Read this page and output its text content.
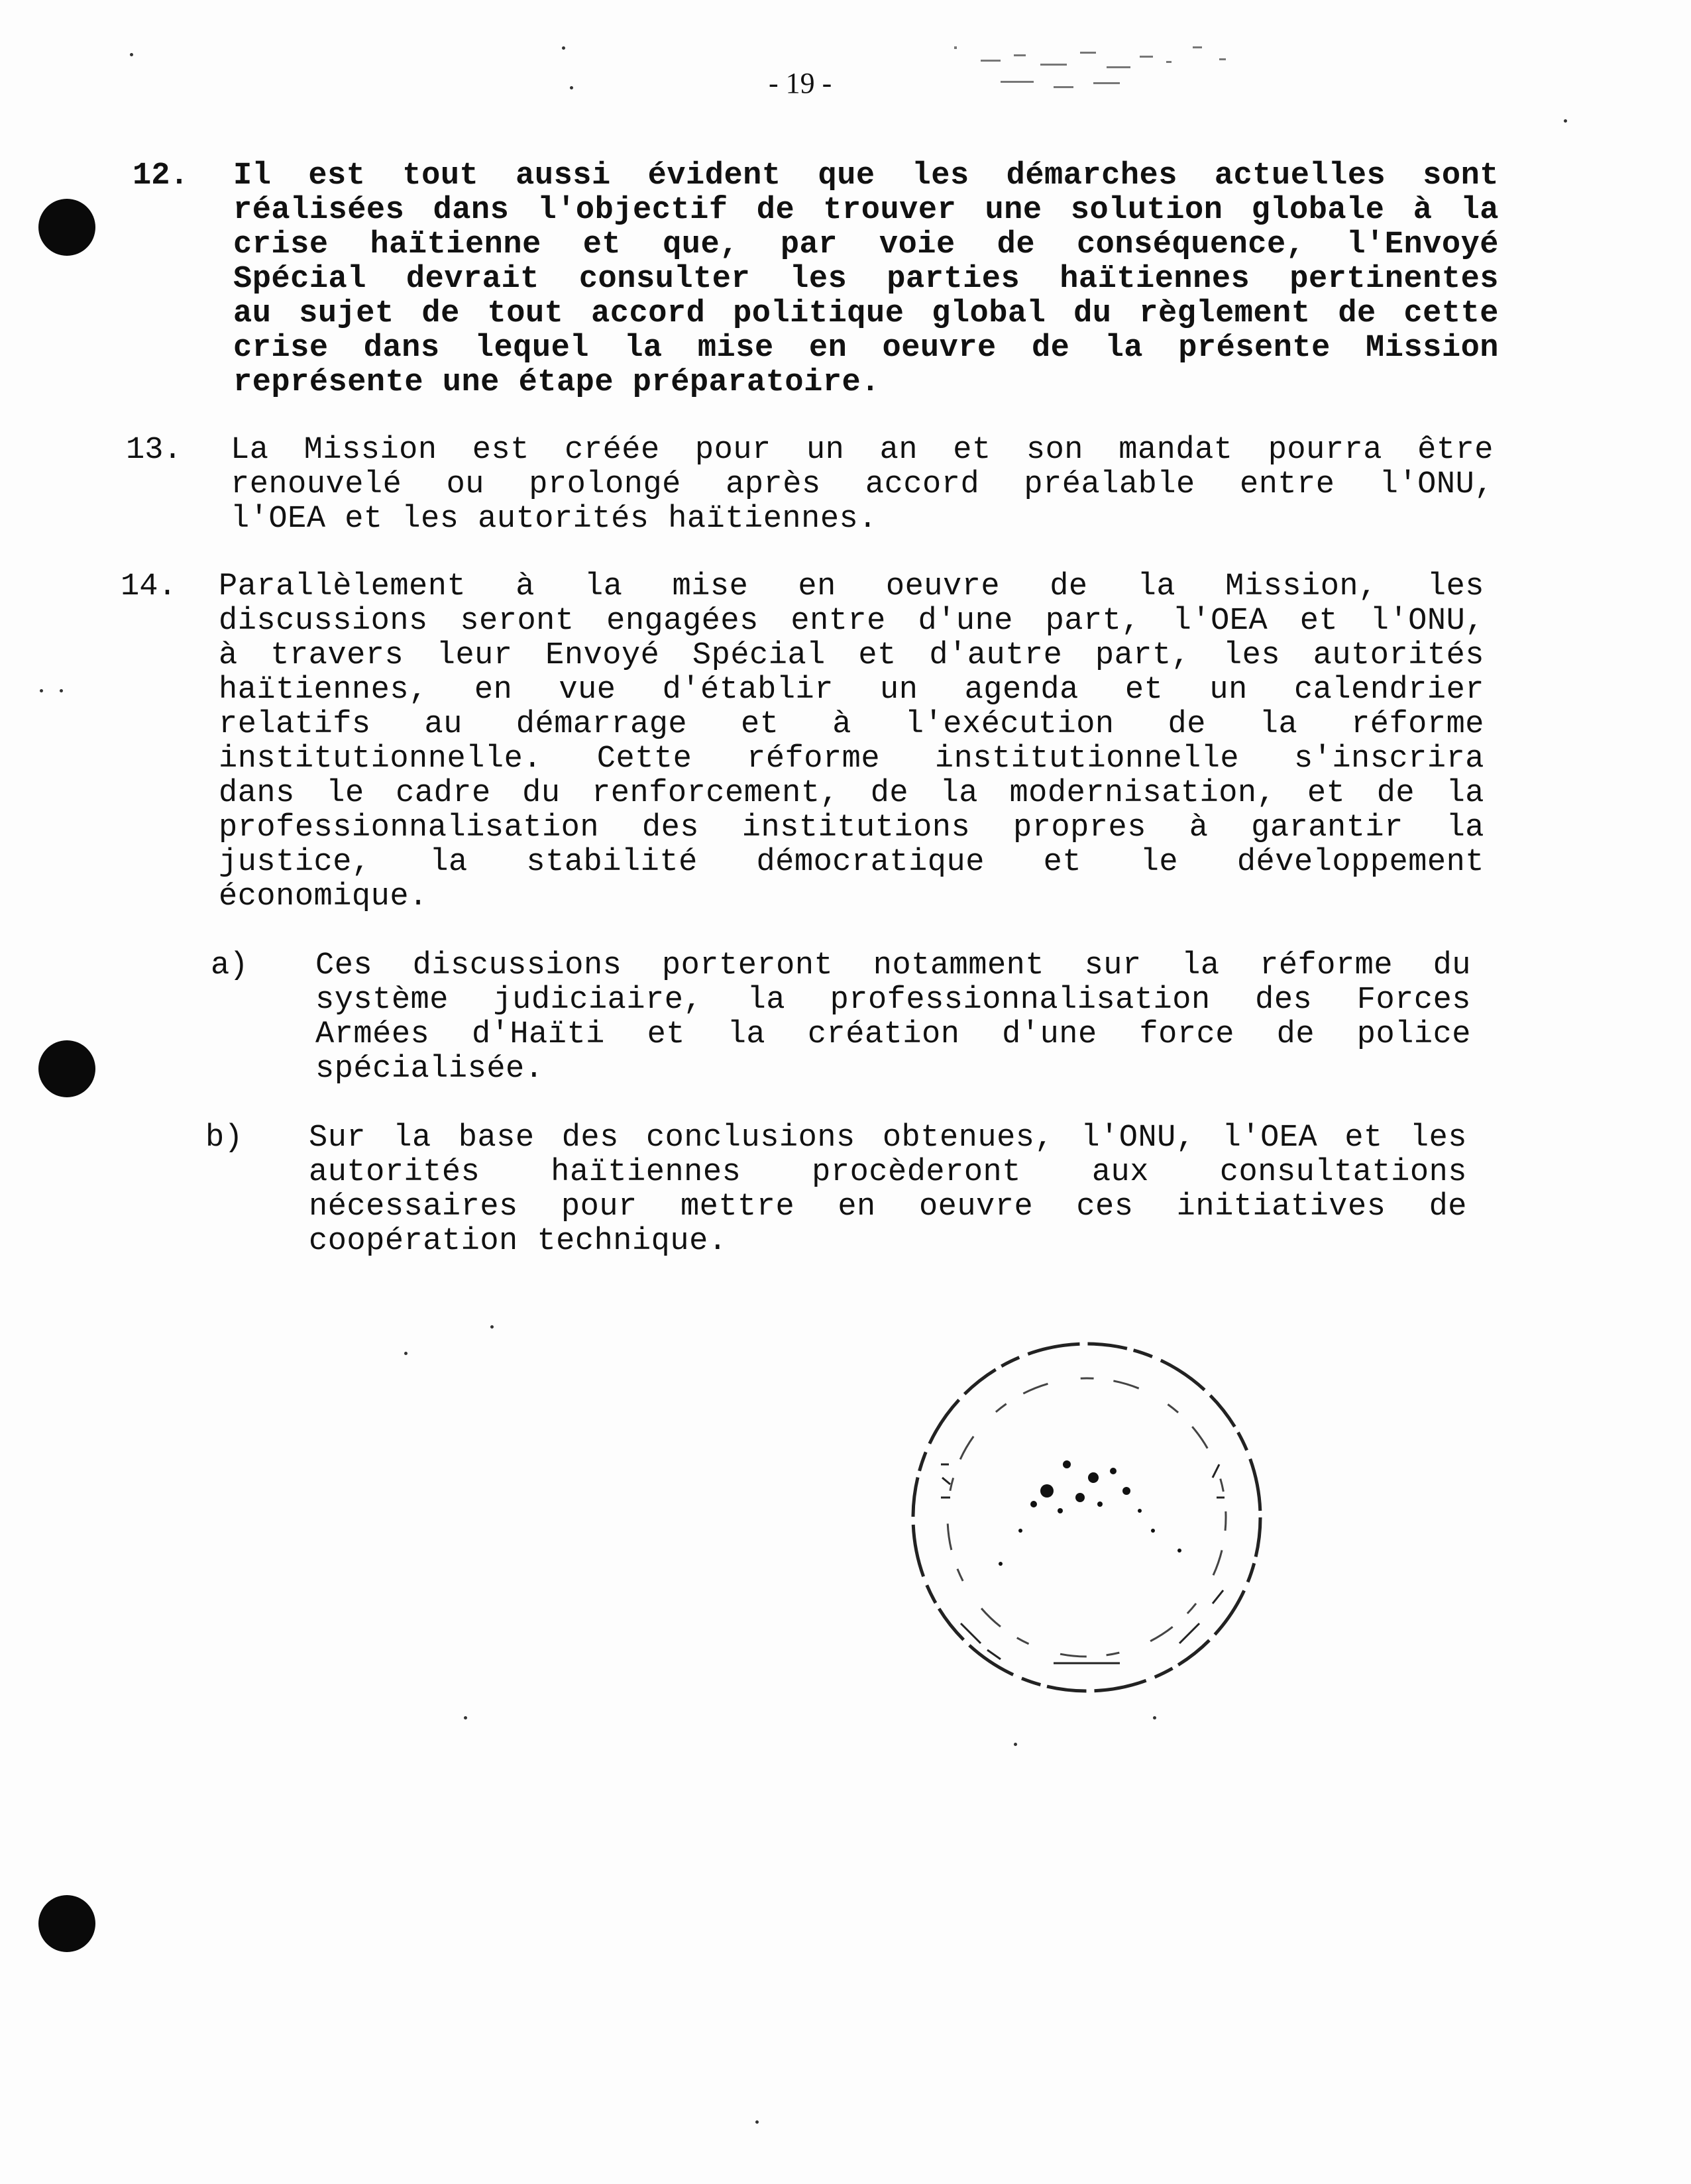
- 19 -
12. Il est tout aussi évident que les démarches actuelles sont
réalisées dans l'objectif de trouver une solution globale à la
crise haïtienne et que, par voie de conséquence, l'Envoyé
Spécial devrait consulter les parties haïtiennes pertinentes
au sujet de tout accord politique global du règlement de cette
crise dans lequel la mise en oeuvre de la présente Mission
représente une étape préparatoire.
13. La Mission est créée pour un an et son mandat pourra être
renouvelé ou prolongé après accord préalable entre l'ONU,
l'OEA et les autorités haïtiennes.
14. Parallèlement à la mise en oeuvre de la Mission, les
discussions seront engagées entre d'une part, l'OEA et l'ONU,
à travers leur Envoyé Spécial et d'autre part, les autorités
haïtiennes, en vue d'établir un agenda et un calendrier
relatifs au démarrage et à l'exécution de la réforme
institutionnelle. Cette réforme institutionnelle s'inscrira
dans le cadre du renforcement, de la modernisation, et de la
professionnalisation des institutions propres à garantir la
justice, la stabilité démocratique et le développement
économique.
a) Ces discussions porteront notamment sur la réforme du
système judiciaire, la professionnalisation des Forces
Armées d'Haïti et la création d'une force de police
spécialisée.
b) Sur la base des conclusions obtenues, l'ONU, l'OEA et les
autorités haïtiennes procèderont aux consultations
nécessaires pour mettre en oeuvre ces initiatives de
coopération technique.
